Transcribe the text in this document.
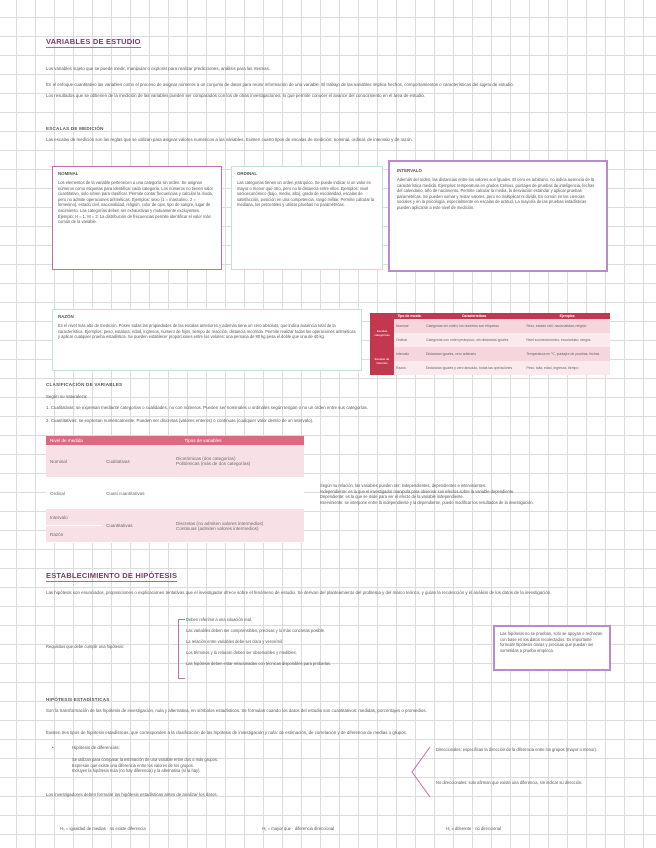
VARIABLES DE ESTUDIO
Los variables sujeto que se puede medir, manipular o explorar para realizar predicciones, análisis para las mismas.
En el enfoque cuantitativo las variables como el proceso de asignar números a un conjunto de datos para reunir información de una variable. El trabajo de las variables implica hechos, comportamientos o características del sujeto de estudio.
Los resultados que se obtienen de la medición de las variables pueden ser comparados con los de otras investigaciones, lo que permite conocer el avance del conocimiento en el área de estudio.
ESCALAS DE MEDICIÓN
Las escalas de medición son las reglas que se utilizan para asignar valores numéricos a las variables. Existen cuatro tipos de escalas de medición: nominal, ordinal, de intervalo y de razón.
NOMINAL
Los elementos de la variable pertenecen a una categoría sin orden. Se asignan números como etiquetas para identificar cada categoría. Los números no tienen valor cuantitativo, solo sirven para clasificar. Permite contar frecuencias y calcular la moda, pero no admite operaciones aritméticas. Ejemplos: sexo (1 = masculino, 2 = femenino), estado civil, nacionalidad, religión, color de ojos, tipo de sangre, lugar de nacimiento. Las categorías deben ser exhaustivas y mutuamente excluyentes. Ejemplo: H = 1, M = 2. La distribución de frecuencias permite identificar el valor más común de la variable.
ORDINAL
Las categorías tienen un orden jerárquico. Se puede indicar si un valor es mayor o menor que otro, pero no la distancia entre ellos. Ejemplos: nivel socioeconómico (bajo, medio, alto), grado de escolaridad, escalas de satisfacción, posición en una competencia, rango militar. Permite calcular la mediana, los percentiles y utilizar pruebas no paramétricas.
INTERVALO
Además del orden, las distancias entre los valores son iguales. El cero es arbitrario, no indica ausencia de la característica medida. Ejemplos: temperatura en grados Celsius, puntajes de pruebas de inteligencia, fechas del calendario, año de nacimiento. Permite calcular la media, la desviación estándar y aplicar pruebas paramétricas. Se pueden sumar y restar valores, pero no multiplicar ni dividir. Es común en las ciencias sociales y en la psicología, especialmente en escalas de actitud. La mayoría de las pruebas estadísticas pueden aplicarse a este nivel de medición.
RAZÓN
Es el nivel más alto de medición. Posee todas las propiedades de las escalas anteriores y además tiene un cero absoluto, que indica ausencia total de la característica. Ejemplos: peso, estatura, edad, ingresos, número de hijos, tiempo de reacción, distancia recorrida. Permite realizar todas las operaciones aritméticas y aplicar cualquier prueba estadística. Se pueden establecer proporciones entre los valores: una persona de 80 kg pesa el doble que una de 40 kg.
	Tipo de escala	Características	Ejemplos
Escalas categóricas	Nominal	Categorías sin orden, los números son etiquetas	Sexo, estado civil, nacionalidad, religión
	Ordinal	Categorías con orden jerárquico, sin distancias iguales	Nivel socioeconómico, escolaridad, rangos
Escalas de intervalo	Intervalo	Distancias iguales, cero arbitrario	Temperatura en °C, puntajes de pruebas, fechas
	Razón	Distancias iguales y cero absoluto, todas las operaciones	Peso, talla, edad, ingresos, tiempo
CLASIFICACIÓN DE VARIABLES
Según su naturaleza:
1. Cualitativas: se expresan mediante categorías o cualidades, no con números. Pueden ser nominales u ordinales según tengan o no un orden entre sus categorías.
2. Cuantitativas: se expresan numéricamente. Pueden ser discretas (valores enteros) o continuas (cualquier valor dentro de un intervalo).
Nivel de medida	Tipos de variables	
Nominal	Cualitativas	Dicotómicas (dos categorías)
Politómicas (más de dos categorías)

Ordinal	Cuasi cuantitativas	
Intervalo	Cuantitativas	Discretas (no admiten valores intermedios)
Continuas (admiten valores intermedios)

Razón		
Según su relación, las variables pueden ser: independientes, dependientes e intervinientes.
Independiente: es la que el investigador manipula para observar sus efectos sobre la variable dependiente.
Dependiente: es la que se mide para ver el efecto de la variable independiente.
Interviniente: se interpone entre la independiente y la dependiente, puede modificar los resultados de la investigación.
ESTABLECIMIENTO DE HIPÓTESIS
Las hipótesis son enunciados, proposiciones o explicaciones tentativas que el investigador ofrece sobre el fenómeno de estudio. Se derivan del planteamiento del problema y del marco teórico, y guían la recolección y el análisis de los datos de la investigación.
Requisitos que debe cumplir una hipótesis:
Deben referirse a una situación real.
Las variables deben ser comprensibles, precisas y lo más concretas posible.
La relación entre variables debe ser clara y verosímil.
Los términos y la relación deben ser observables y medibles.
Las hipótesis deben estar relacionadas con técnicas disponibles para probarlas.
Las hipótesis no se prueban, solo se apoyan o rechazan con base en los datos recolectados. Es importante formular hipótesis claras y precisas que puedan ser sometidas a prueba empírica.
HIPÓTESIS ESTADÍSTICAS
Son la transformación de las hipótesis de investigación, nula y alternativa, en símbolos estadísticos. Se formulan cuando los datos del estudio son cuantitativos: medidas, porcentajes o promedios.
Existen tres tipos de hipótesis estadísticas, que corresponden a la clasificación de las hipótesis de investigación y nula: de estimación, de correlación y de diferencia de medias o grupos.
•	Hipótesis de diferencias:
Se utilizan para comparar la estimación de una variable entre dos o más grupos.
Expresan que existe una diferencia entre los valores de los grupos.
Incluyen la hipótesis nula (no hay diferencia) y la alternativa (sí la hay).
Los investigadores deben formular las hipótesis estadísticas antes de analizar los datos.
Direccionales: especifican la dirección de la diferencia entre los grupos (mayor o menor).
No direccionales: solo afirman que existe una diferencia, sin indicar su dirección.
H₀ = igualdad de medias · no existe diferencia	H₁ = mayor que · diferencia direccional	H₁ ≠ diferente · no direccional
